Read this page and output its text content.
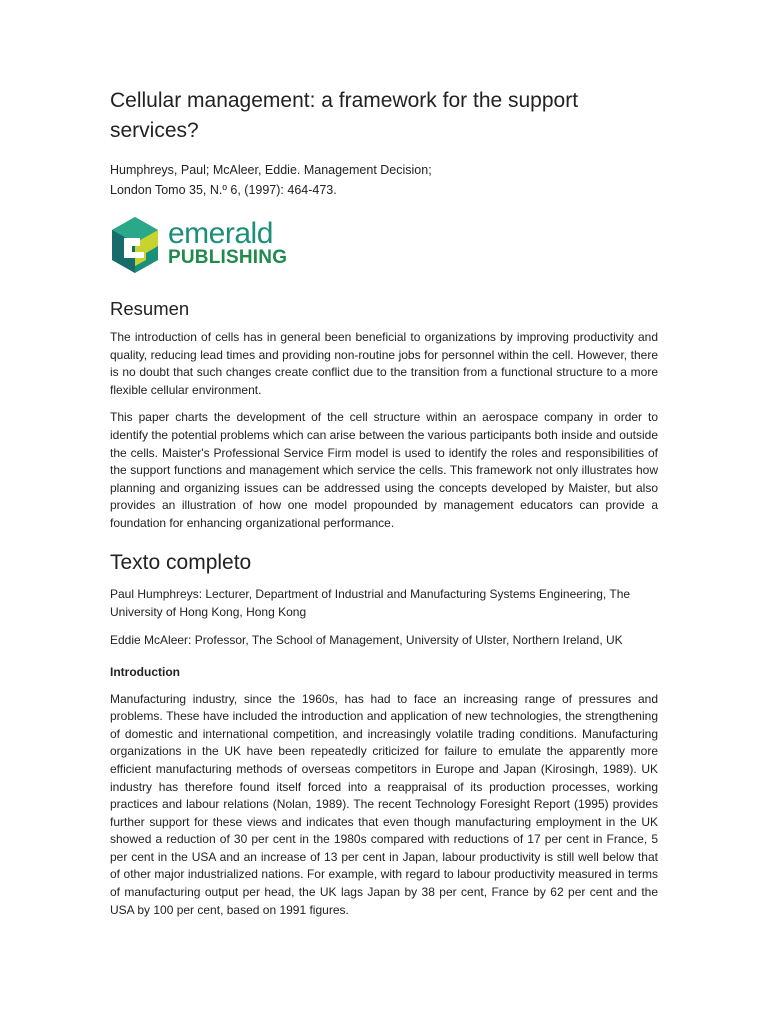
Cellular management: a framework for the support services?
Humphreys, Paul; McAleer, Eddie. Management Decision;
London Tomo 35, N.º 6, (1997): 464-473.
emerald
PUBLISHING
Resumen

The introduction of cells has in general been beneficial to organizations by improving productivity and quality, reducing lead times and providing non-routine jobs for personnel within the cell. However, there is no doubt that such changes create conflict due to the transition from a functional structure to a more flexible cellular environment.

This paper charts the development of the cell structure within an aerospace company in order to identify the potential problems which can arise between the various participants both inside and outside the cells. Maister's Professional Service Firm model is used to identify the roles and responsibilities of the support functions and management which service the cells. This framework not only illustrates how planning and organizing issues can be addressed using the concepts developed by Maister, but also provides an illustration of how one model propounded by management educators can provide a foundation for enhancing organizational performance.

Texto completo

Paul Humphreys: Lecturer, Department of Industrial and Manufacturing Systems Engineering, The University of Hong Kong, Hong Kong

Eddie McAleer: Professor, The School of Management, University of Ulster, Northern Ireland, UK

Introduction

Manufacturing industry, since the 1960s, has had to face an increasing range of pressures and problems. These have included the introduction and application of new technologies, the strengthening of domestic and international competition, and increasingly volatile trading conditions. Manufacturing organizations in the UK have been repeatedly criticized for failure to emulate the apparently more efficient manufacturing methods of overseas competitors in Europe and Japan (Kirosingh, 1989). UK industry has therefore found itself forced into a reappraisal of its production processes, working practices and labour relations (Nolan, 1989). The recent Technology Foresight Report (1995) provides further support for these views and indicates that even though manufacturing employment in the UK showed a reduction of 30 per cent in the 1980s compared with reductions of 17 per cent in France, 5 per cent in the USA and an increase of 13 per cent in Japan, labour productivity is still well below that of other major industrialized nations. For example, with regard to labour productivity measured in terms of manufacturing output per head, the UK lags Japan by 38 per cent, France by 62 per cent and the USA by 100 per cent, based on 1991 figures.
